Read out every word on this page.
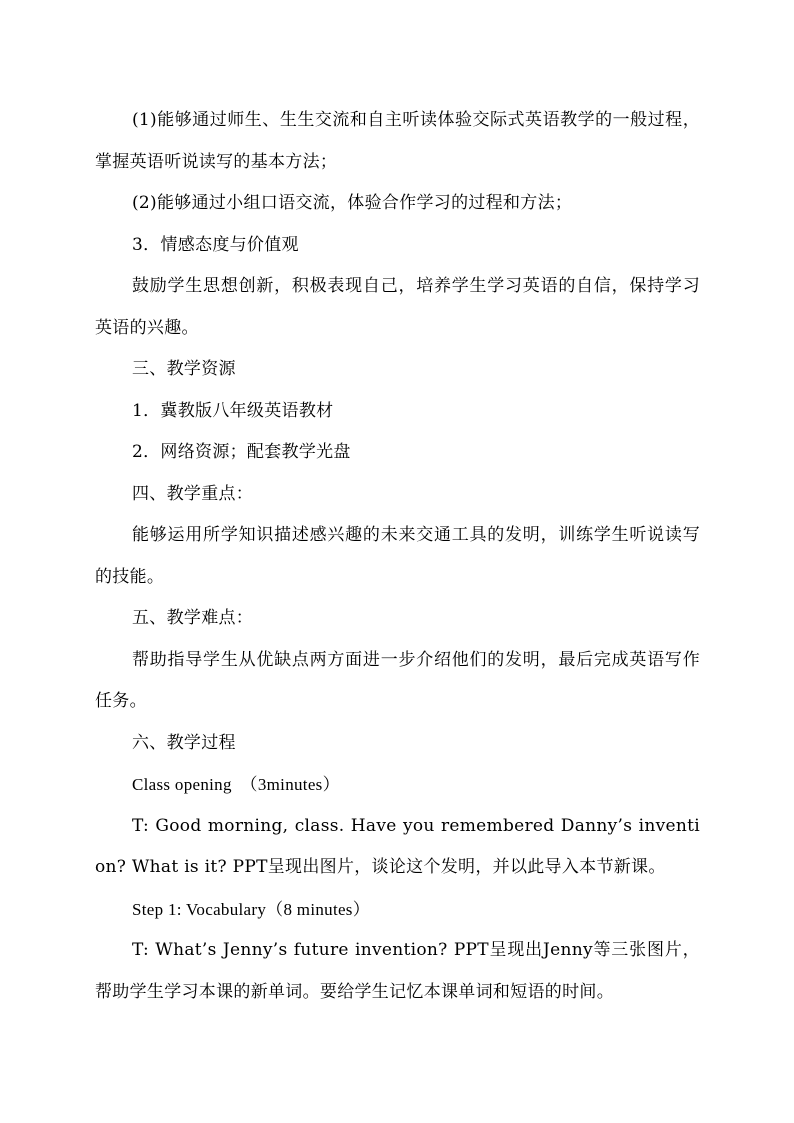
(1)能够通过师生、生生交流和自主听读体验交际式英语教学的一般过程，掌握英语听说读写的基本方法；

(2)能够通过小组口语交流，体验合作学习的过程和方法；

3．情感态度与价值观

鼓励学生思想创新，积极表现自己，培养学生学习英语的自信，保持学习英语的兴趣。

三、教学资源

1．冀教版八年级英语教材

2．网络资源；配套教学光盘

四、教学重点：

能够运用所学知识描述感兴趣的未来交通工具的发明，训练学生听说读写的技能。

五、教学难点：

帮助指导学生从优缺点两方面进一步介绍他们的发明，最后完成英语写作任务。

六、教学过程

Class opening　（3minutes）

T: Good morning, class. Have you remembered Danny’s invention? What is it? PPT呈现出图片，谈论这个发明，并以此导入本节新课。

Step 1: Vocabulary（8 minutes）

T: What’s Jenny’s future invention? PPT呈现出Jenny等三张图片，帮助学生学习本课的新单词。要给学生记忆本课单词和短语的时间。
